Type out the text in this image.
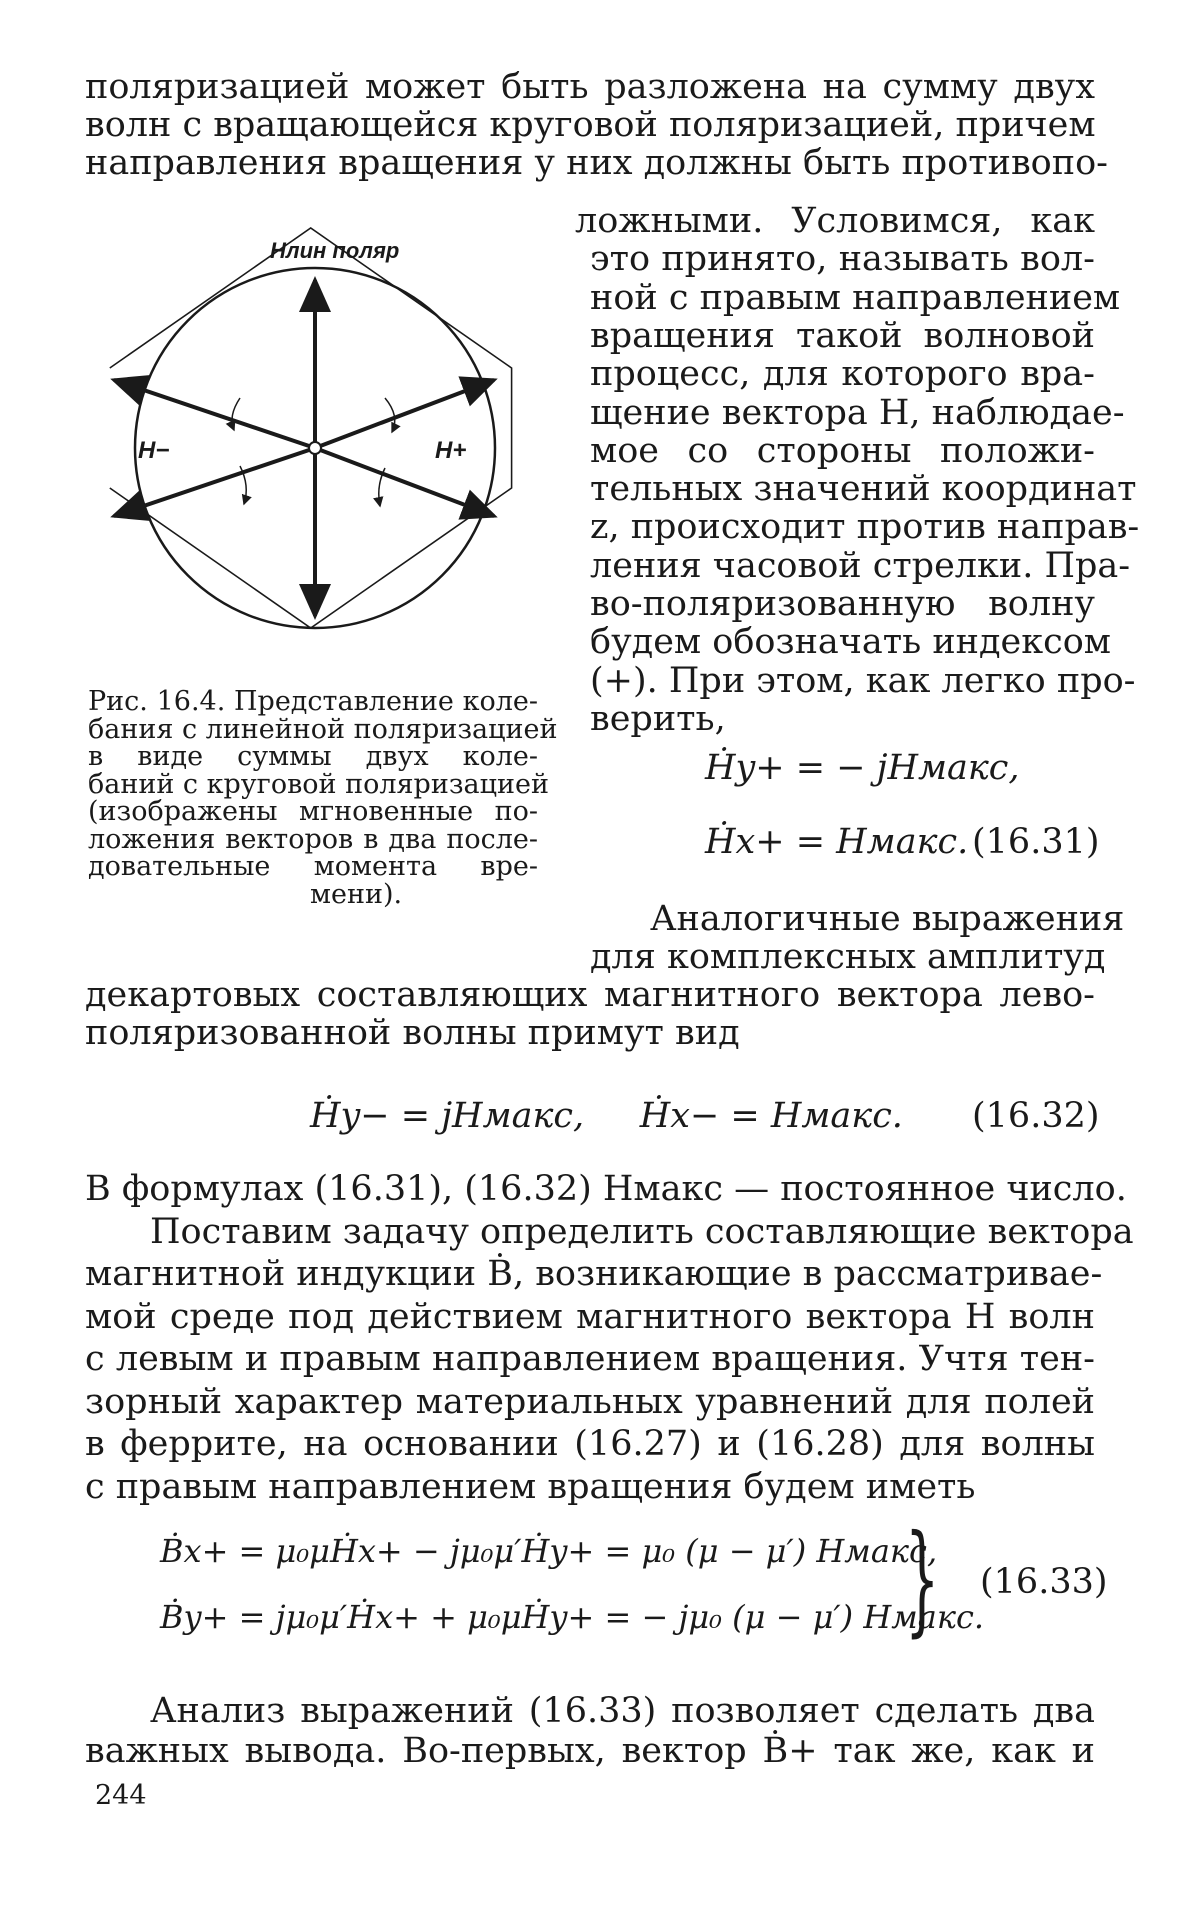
поляризацией может быть разложена на сумму двух
волн с вращающейся круговой поляризацией, причем
направления вращения у них должны быть противопо-
ложными. Условимся, как
это принято, называть вол-
ной с правым направлением
вращения такой волновой
процесс, для которого вра-
щение вектора H, наблюдае-
мое со стороны положи-
тельных значений координат
z, происходит против направ-
ления часовой стрелки. Пра-
во-поляризованную волну
будем обозначать индексом
(+). При этом, как легко про-
верить,
Hлин поляр
H−	H+
Рис. 16.4. Представление коле-
бания с линейной поляризацией
в виде суммы двух коле-
баний с круговой поляризацией
(изображены мгновенные по-
ложения векторов в два после-
довательные момента вре-
мени).
Ḣy+ = − jHмакс,
Ḣx+ = Hмакс. (16.31)
Аналогичные выражения
для комплексных амплитуд
декартовых составляющих магнитного вектора лево-
поляризованной волны примут вид
Ḣy− = jHмакс,     Ḣx− = Hмакс. (16.32)
В формулах (16.31), (16.32) Hмакс — постоянное число.
Поставим задачу определить составляющие вектора
магнитной индукции Ḃ, возникающие в рассматривае-
мой среде под действием магнитного вектора H волн
с левым и правым направлением вращения. Учтя тен-
зорный характер материальных уравнений для полей
в феррите, на основании (16.27) и (16.28) для волны
с правым направлением вращения будем иметь
Ḃx+ = μ₀μḢx+ − jμ₀μ′Ḣy+ = μ₀ (μ − μ′) Hмакс,
Ḃy+ = jμ₀μ′Ḣx+ + μ₀μḢy+ = − jμ₀ (μ − μ′) Hмакс.
} (16.33)
Анализ выражений (16.33) позволяет сделать два
важных вывода. Во-первых, вектор Ḃ+ так же, как и
244
